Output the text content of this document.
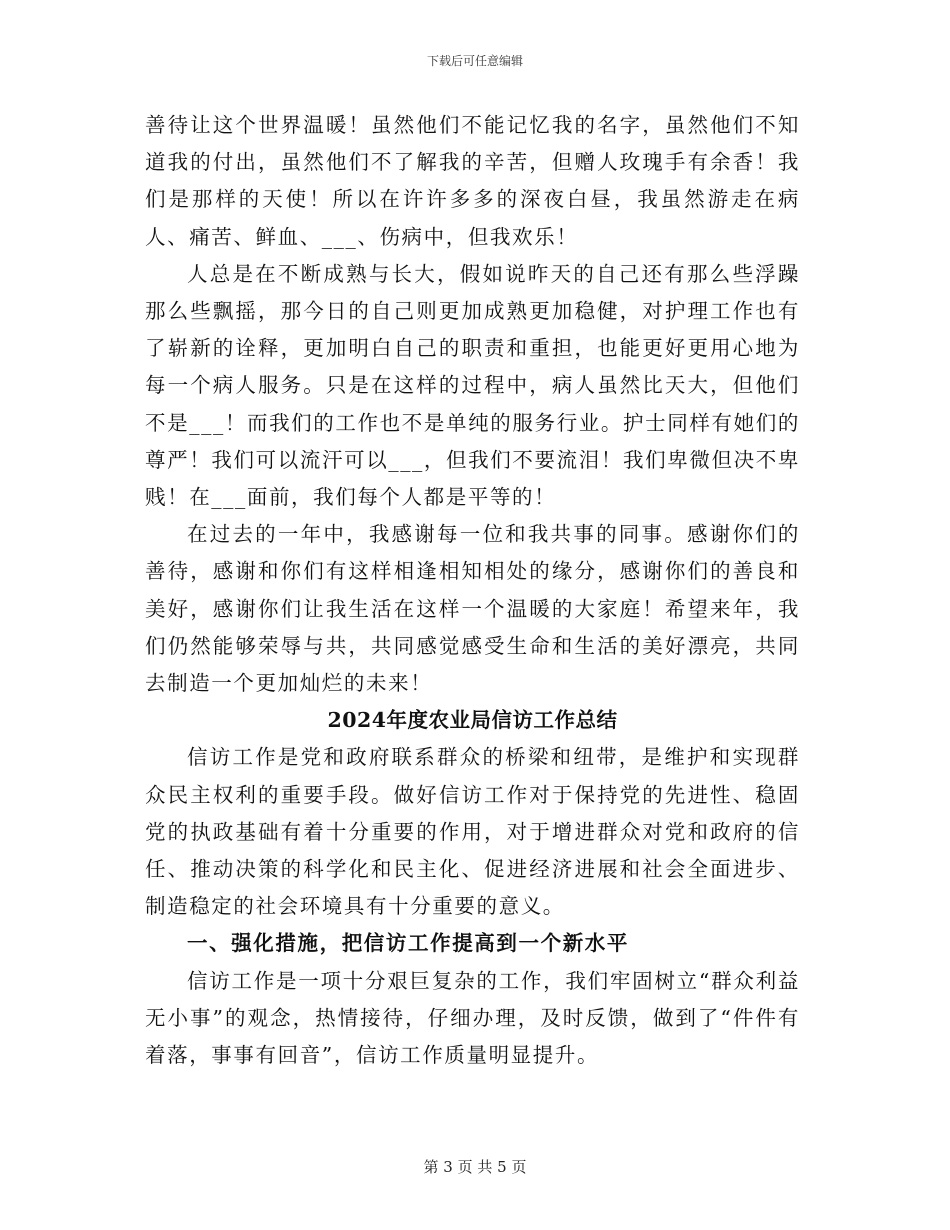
下载后可任意编辑

善待让这个世界温暖！虽然他们不能记忆我的名字，虽然他们不知道我的付出，虽然他们不了解我的辛苦，但赠人玫瑰手有余香！我们是那样的天使！所以在许许多多的深夜白昼，我虽然游走在病人、痛苦、鲜血、___、伤病中，但我欢乐！

人总是在不断成熟与长大，假如说昨天的自己还有那么些浮躁那么些飘摇，那今日的自己则更加成熟更加稳健，对护理工作也有了崭新的诠释，更加明白自己的职责和重担，也能更好更用心地为每一个病人服务。只是在这样的过程中，病人虽然比天大，但他们不是___！而我们的工作也不是单纯的服务行业。护士同样有她们的尊严！我们可以流汗可以___，但我们不要流泪！我们卑微但决不卑贱！在___面前，我们每个人都是平等的！

在过去的一年中，我感谢每一位和我共事的同事。感谢你们的善待，感谢和你们有这样相逢相知相处的缘分，感谢你们的善良和美好，感谢你们让我生活在这样一个温暖的大家庭！希望来年，我们仍然能够荣辱与共，共同感觉感受生命和生活的美好漂亮，共同去制造一个更加灿烂的未来！

2024年度农业局信访工作总结

信访工作是党和政府联系群众的桥梁和纽带，是维护和实现群众民主权利的重要手段。做好信访工作对于保持党的先进性、稳固党的执政基础有着十分重要的作用，对于增进群众对党和政府的信任、推动决策的科学化和民主化、促进经济进展和社会全面进步、制造稳定的社会环境具有十分重要的意义。

一、强化措施，把信访工作提高到一个新水平

信访工作是一项十分艰巨复杂的工作，我们牢固树立“群众利益无小事”的观念，热情接待，仔细办理，及时反馈，做到了“件件有着落，事事有回音”，信访工作质量明显提升。

第 3 页 共 5 页
